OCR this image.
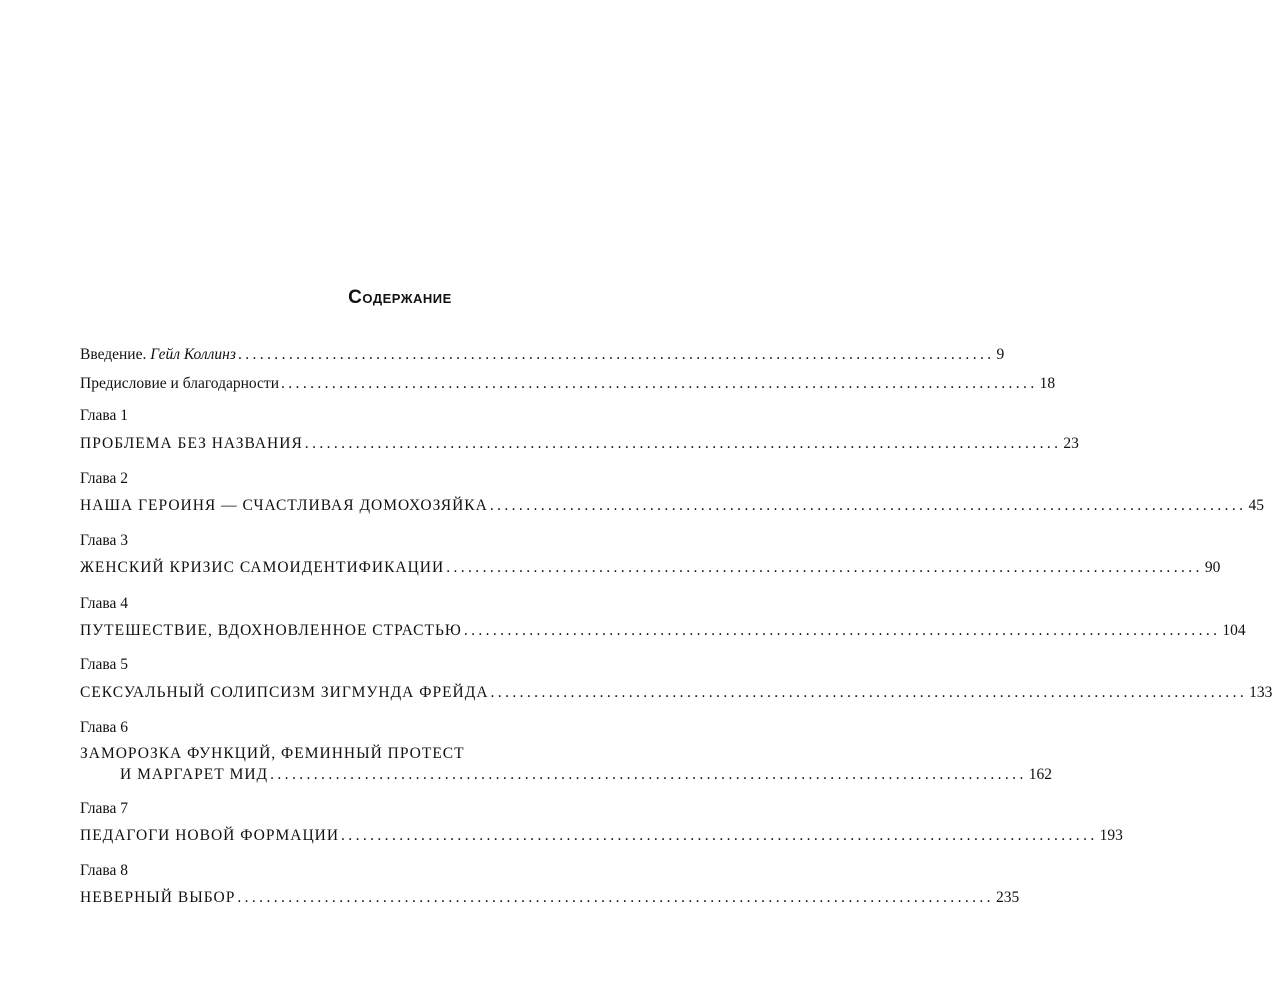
Содержание
Введение. Гейл Коллинз ........................................................................................................ 9
Предисловие и благодарности ........................................................................................................ 18
Глава 1
ПРОБЛЕМА БЕЗ НАЗВАНИЯ ........................................................................................................ 23
Глава 2
НАША ГЕРОИНЯ — СЧАСТЛИВАЯ ДОМОХОЗЯЙКА ........................................................................................................ 45
Глава 3
ЖЕНСКИЙ КРИЗИС САМОИДЕНТИФИКАЦИИ ........................................................................................................ 90
Глава 4
ПУТЕШЕСТВИЕ, ВДОХНОВЛЕННОЕ СТРАСТЬЮ ........................................................................................................ 104
Глава 5
СЕКСУАЛЬНЫЙ СОЛИПСИЗМ ЗИГМУНДА ФРЕЙДА ........................................................................................................ 133
Глава 6
ЗАМОРОЗКА ФУНКЦИЙ, ФЕМИННЫЙ ПРОТЕСТ
И МАРГАРЕТ МИД ........................................................................................................ 162
Глава 7
ПЕДАГОГИ НОВОЙ ФОРМАЦИИ ........................................................................................................ 193
Глава 8
НЕВЕРНЫЙ ВЫБОР ........................................................................................................ 235
